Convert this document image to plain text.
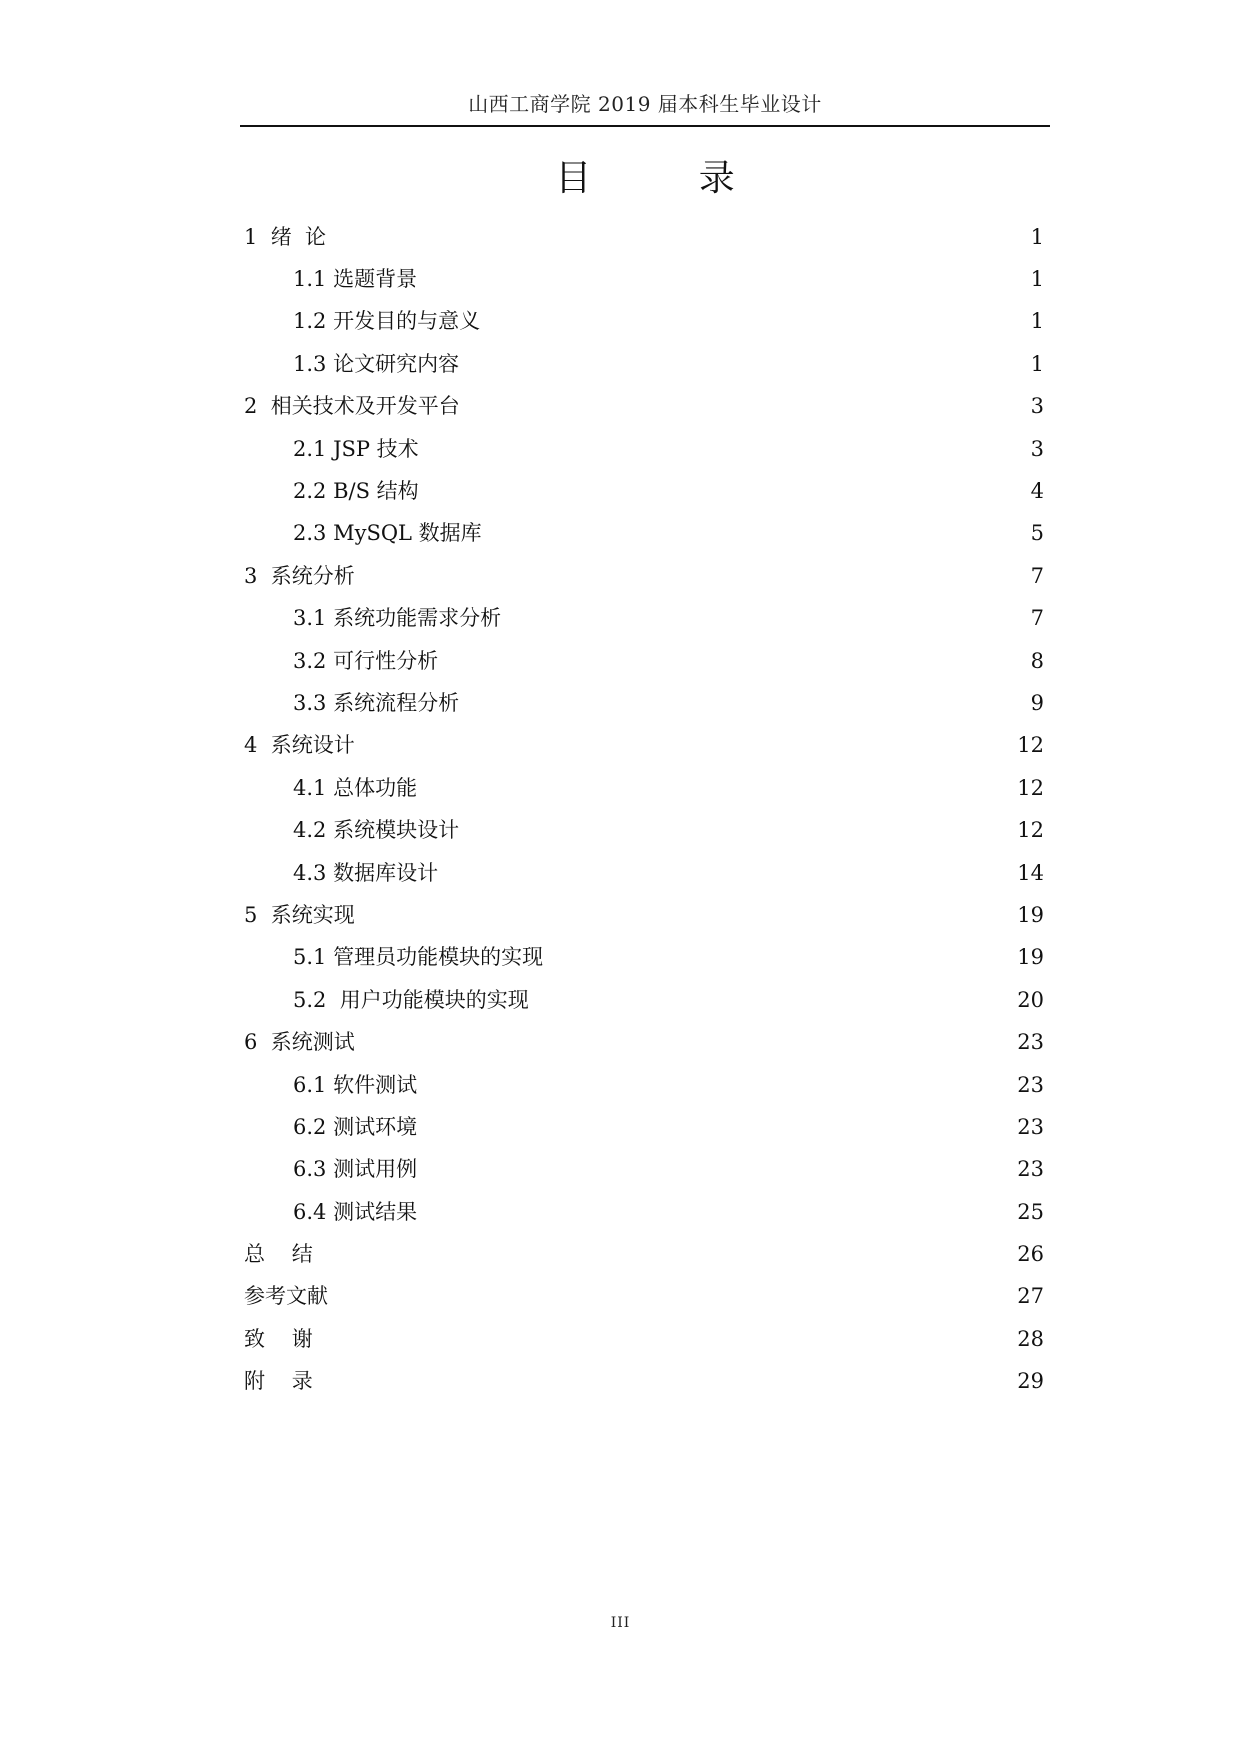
山西工商学院 2019 届本科生毕业设计
目 录
1  绪  论	1
1.1 选题背景	1
1.2 开发目的与意义	1
1.3 论文研究内容	1
2  相关技术及开发平台	3
2.1 JSP 技术	3
2.2 B/S 结构	4
2.3 MySQL 数据库	5
3  系统分析	7
3.1 系统功能需求分析	7
3.2 可行性分析	8
3.3 系统流程分析	9
4  系统设计	12
4.1 总体功能	12
4.2 系统模块设计	12
4.3 数据库设计	14
5  系统实现	19
5.1 管理员功能模块的实现	19
5.2  用户功能模块的实现	20
6  系统测试	23
6.1 软件测试	23
6.2 测试环境	23
6.3 测试用例	23
6.4 测试结果	25
总    结	26
参考文献	27
致    谢	28
附    录	29
III
